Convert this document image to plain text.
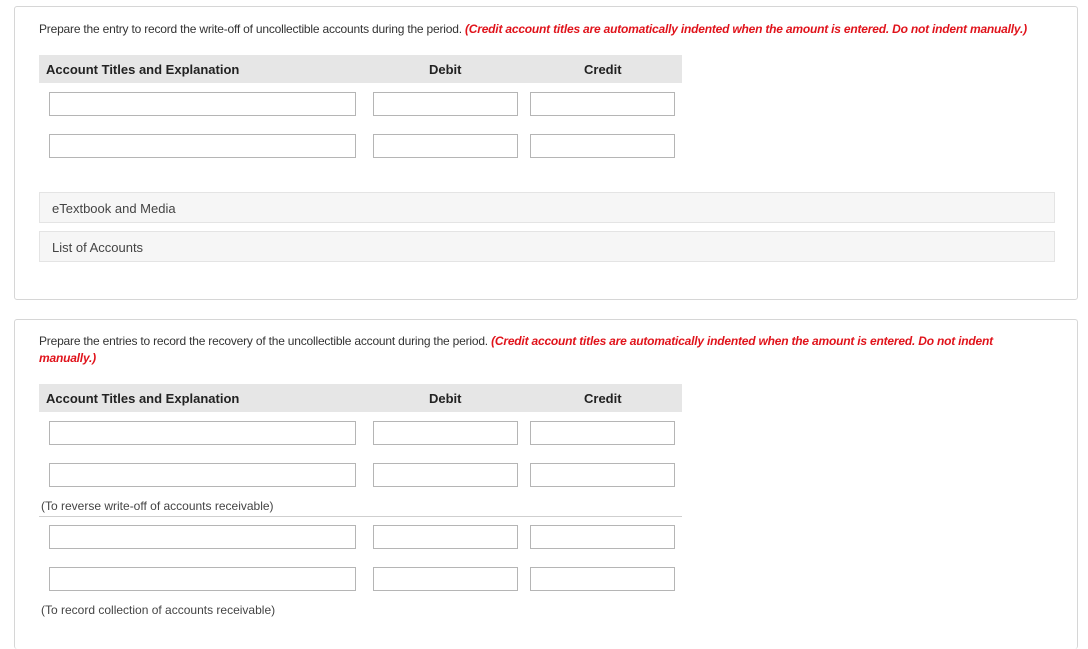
Prepare the entry to record the write-off of uncollectible accounts during the period. (Credit account titles are automatically indented when the amount is entered. Do not indent manually.)
Account Titles and Explanation	Debit	Credit
eTextbook and Media
List of Accounts
Prepare the entries to record the recovery of the uncollectible account during the period. (Credit account titles are automatically indented when the amount is entered. Do not indent manually.)
Account Titles and Explanation	Debit	Credit
(To reverse write-off of accounts receivable)
(To record collection of accounts receivable)
